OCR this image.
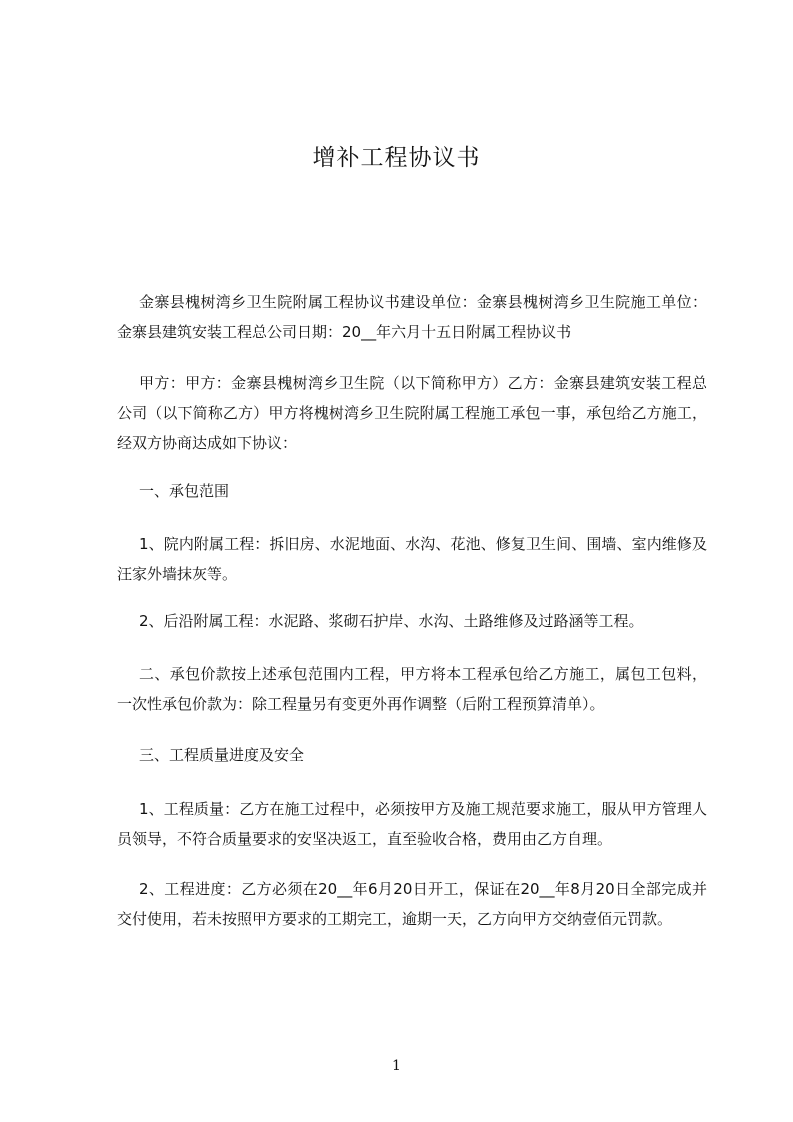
增补工程协议书

金寨县槐树湾乡卫生院附属工程协议书建设单位：金寨县槐树湾乡卫生院施工单位：金寨县建筑安装工程总公司日期：20__年六月十五日附属工程协议书

甲方：甲方：金寨县槐树湾乡卫生院（以下简称甲方）乙方：金寨县建筑安装工程总公司（以下简称乙方）甲方将槐树湾乡卫生院附属工程施工承包一事，承包给乙方施工，经双方协商达成如下协议：

一、承包范围

1、院内附属工程：拆旧房、水泥地面、水沟、花池、修复卫生间、围墙、室内维修及汪家外墙抹灰等。

2、后沿附属工程：水泥路、浆砌石护岸、水沟、土路维修及过路涵等工程。

二、承包价款按上述承包范围内工程，甲方将本工程承包给乙方施工，属包工包料，一次性承包价款为：除工程量另有变更外再作调整（后附工程预算清单）。

三、工程质量进度及安全

1、工程质量：乙方在施工过程中，必须按甲方及施工规范要求施工，服从甲方管理人员领导，不符合质量要求的安坚决返工，直至验收合格，费用由乙方自理。

2、工程进度：乙方必须在20__年6月20日开工，保证在20__年8月20日全部完成并交付使用，若未按照甲方要求的工期完工，逾期一天，乙方向甲方交纳壹佰元罚款。

1
